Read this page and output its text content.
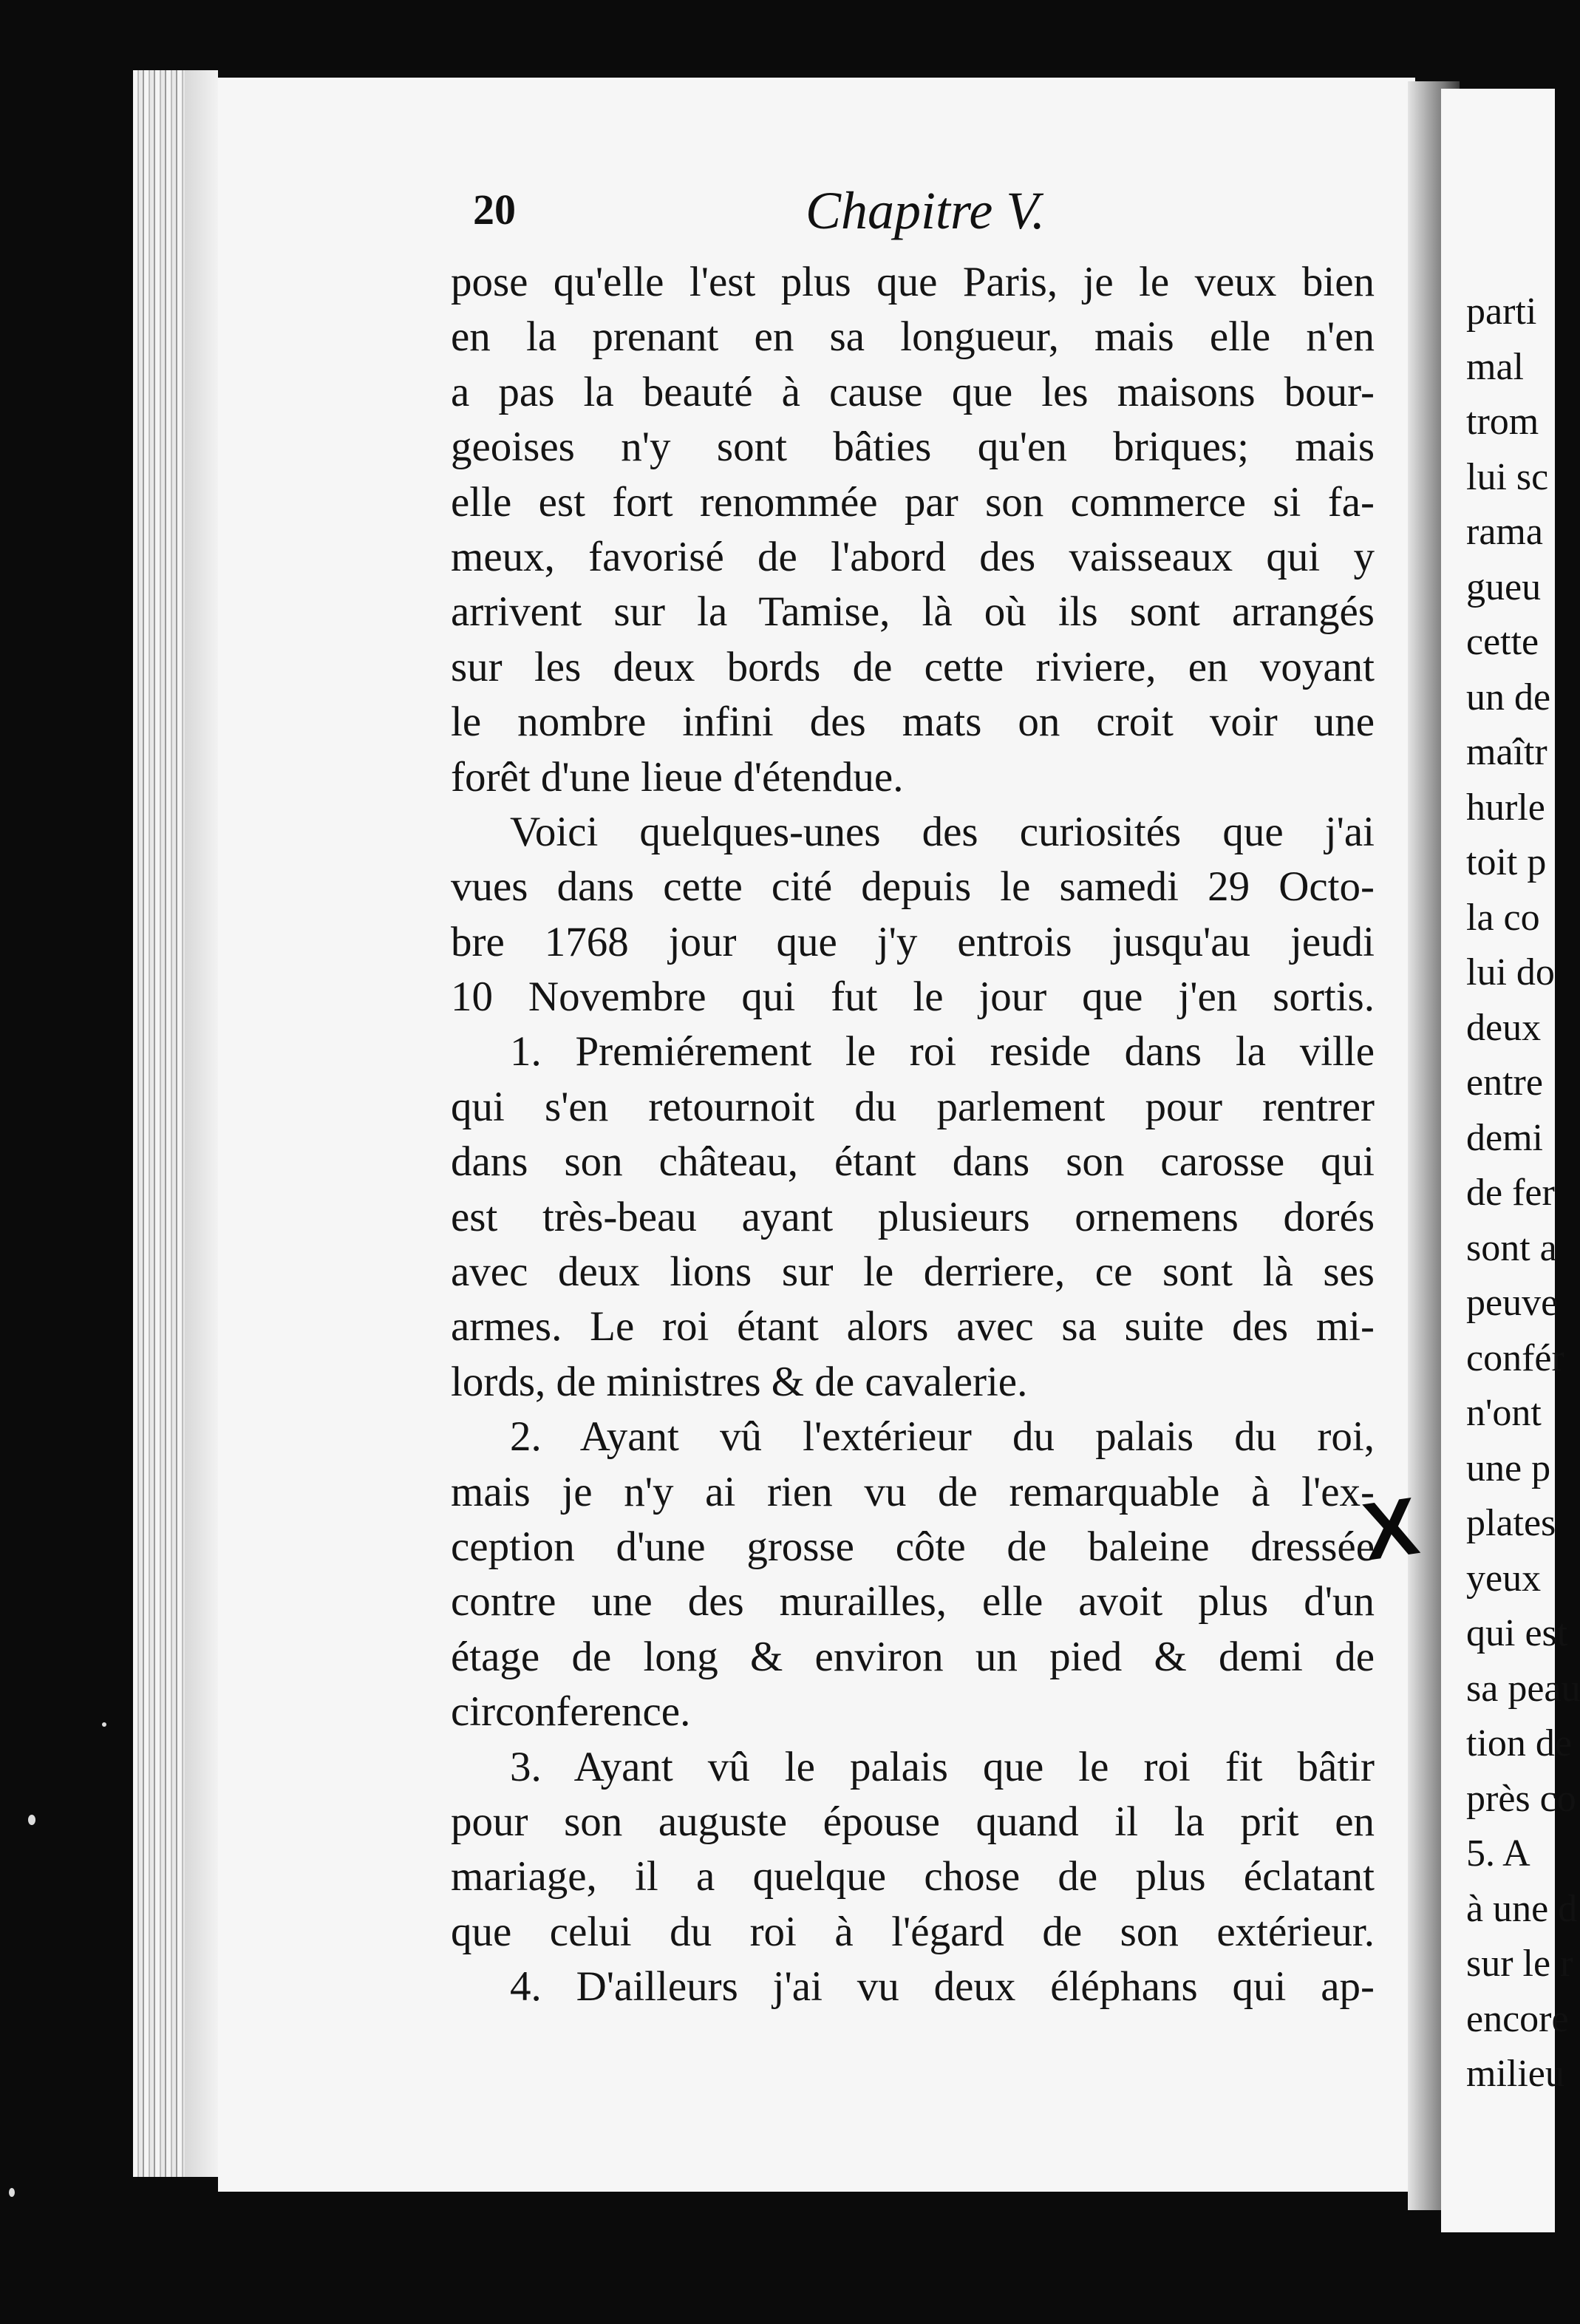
20	Chapitre V.
pose qu'elle l'est plus que Paris, je le veux bien
en la prenant en sa longueur, mais elle n'en
a pas la beauté à cause que les maisons bour-
geoises n'y sont bâties qu'en briques; mais
elle est fort renommée par son commerce si fa-
meux, favorisé de l'abord des vaisseaux qui y
arrivent sur la Tamise, là où ils sont arrangés
sur les deux bords de cette riviere, en voyant
le nombre infini des mats on croit voir une
forêt d'une lieue d'étendue.
Voici quelques-unes des curiosités que j'ai
vues dans cette cité depuis le samedi 29 Octo-
bre 1768 jour que j'y entrois jusqu'au jeudi
10 Novembre qui fut le jour que j'en sortis.
1. Premiérement le roi reside dans la ville
qui s'en retournoit du parlement pour rentrer
dans son château, étant dans son carosse qui
est très-beau ayant plusieurs ornemens dorés
avec deux lions sur le derriere, ce sont là ses
armes. Le roi étant alors avec sa suite des mi-
lords, de ministres & de cavalerie.
2. Ayant vû l'extérieur du palais du roi,
mais je n'y ai rien vu de remarquable à l'ex-
ception d'une grosse côte de baleine dressée
contre une des murailles, elle avoit plus d'un
étage de long & environ un pied & demi de
circonference.
3. Ayant vû le palais que le roi fit bâtir
pour son auguste épouse quand il la prit en
mariage, il a quelque chose de plus éclatant
que celui du roi à l'égard de son extérieur.
4. D'ailleurs j'ai vu deux éléphans qui ap-
parti
mal
trom
lui sc
rama
gueu
cette
un de
maîtr
hurle
toit p
la co
lui do
deux
entre
demi
de fer
sont a
peuve
confér
n'ont
une p
plates
yeux
qui est
sa peau
tion de
près co
5. A
à une d
sur le r
encore
milieu
X
